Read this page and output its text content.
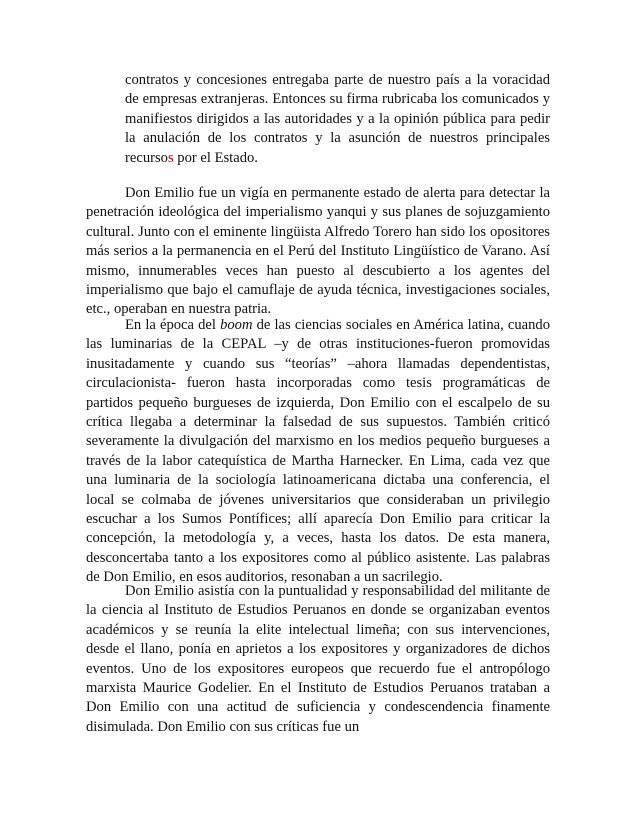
contratos y concesiones entregaba parte de nuestro país a la voracidad de empresas extranjeras. Entonces su firma rubricaba los comunicados y manifiestos dirigidos a las autoridades y a la opinión pública para pedir la anulación de los contratos y la asunción de nuestros principales recursos por el Estado.

Don Emilio fue un vigía en permanente estado de alerta para detectar la penetración ideológica del imperialismo yanqui y sus planes de sojuzgamiento cultural. Junto con el eminente lingüista Alfredo Torero han sido los opositores más serios a la permanencia en el Perú del Instituto Lingüístico de Varano. Así mismo, innumerables veces han puesto al descubierto a los agentes del imperialismo que bajo el camuflaje de ayuda técnica, investigaciones sociales, etc., operaban en nuestra patria.

En la época del boom de las ciencias sociales en América latina, cuando las luminarias de la CEPAL –y de otras instituciones-fueron promovidas inusitadamente y cuando sus “teorías” –ahora llamadas dependentistas, circulacionista- fueron hasta incorporadas como tesis programáticas de partidos pequeño burgueses de izquierda, Don Emilio con el escalpelo de su crítica llegaba a determinar la falsedad de sus supuestos. También criticó severamente la divulgación del marxismo en los medios pequeño burgueses a través de la labor catequística de Martha Harnecker. En Lima, cada vez que una luminaria de la sociología latinoamericana dictaba una conferencia, el local se colmaba de jóvenes universitarios que consideraban un privilegio escuchar a los Sumos Pontífices; allí aparecía Don Emilio para criticar la concepción, la metodología y, a veces, hasta los datos. De esta manera, desconcertaba tanto a los expositores como al público asistente. Las palabras de Don Emilio, en esos auditorios, resonaban a un sacrilegio.

Don Emilio asistía con la puntualidad y responsabilidad del militante de la ciencia al Instituto de Estudios Peruanos en donde se organizaban eventos académicos y se reunía la elite intelectual limeña; con sus intervenciones, desde el llano, ponía en aprietos a los expositores y organizadores de dichos eventos. Uno de los expositores europeos que recuerdo fue el antropólogo marxista Maurice Godelier. En el Instituto de Estudios Peruanos trataban a Don Emilio con una actitud de suficiencia y condescendencia finamente disimulada. Don Emilio con sus críticas fue un
